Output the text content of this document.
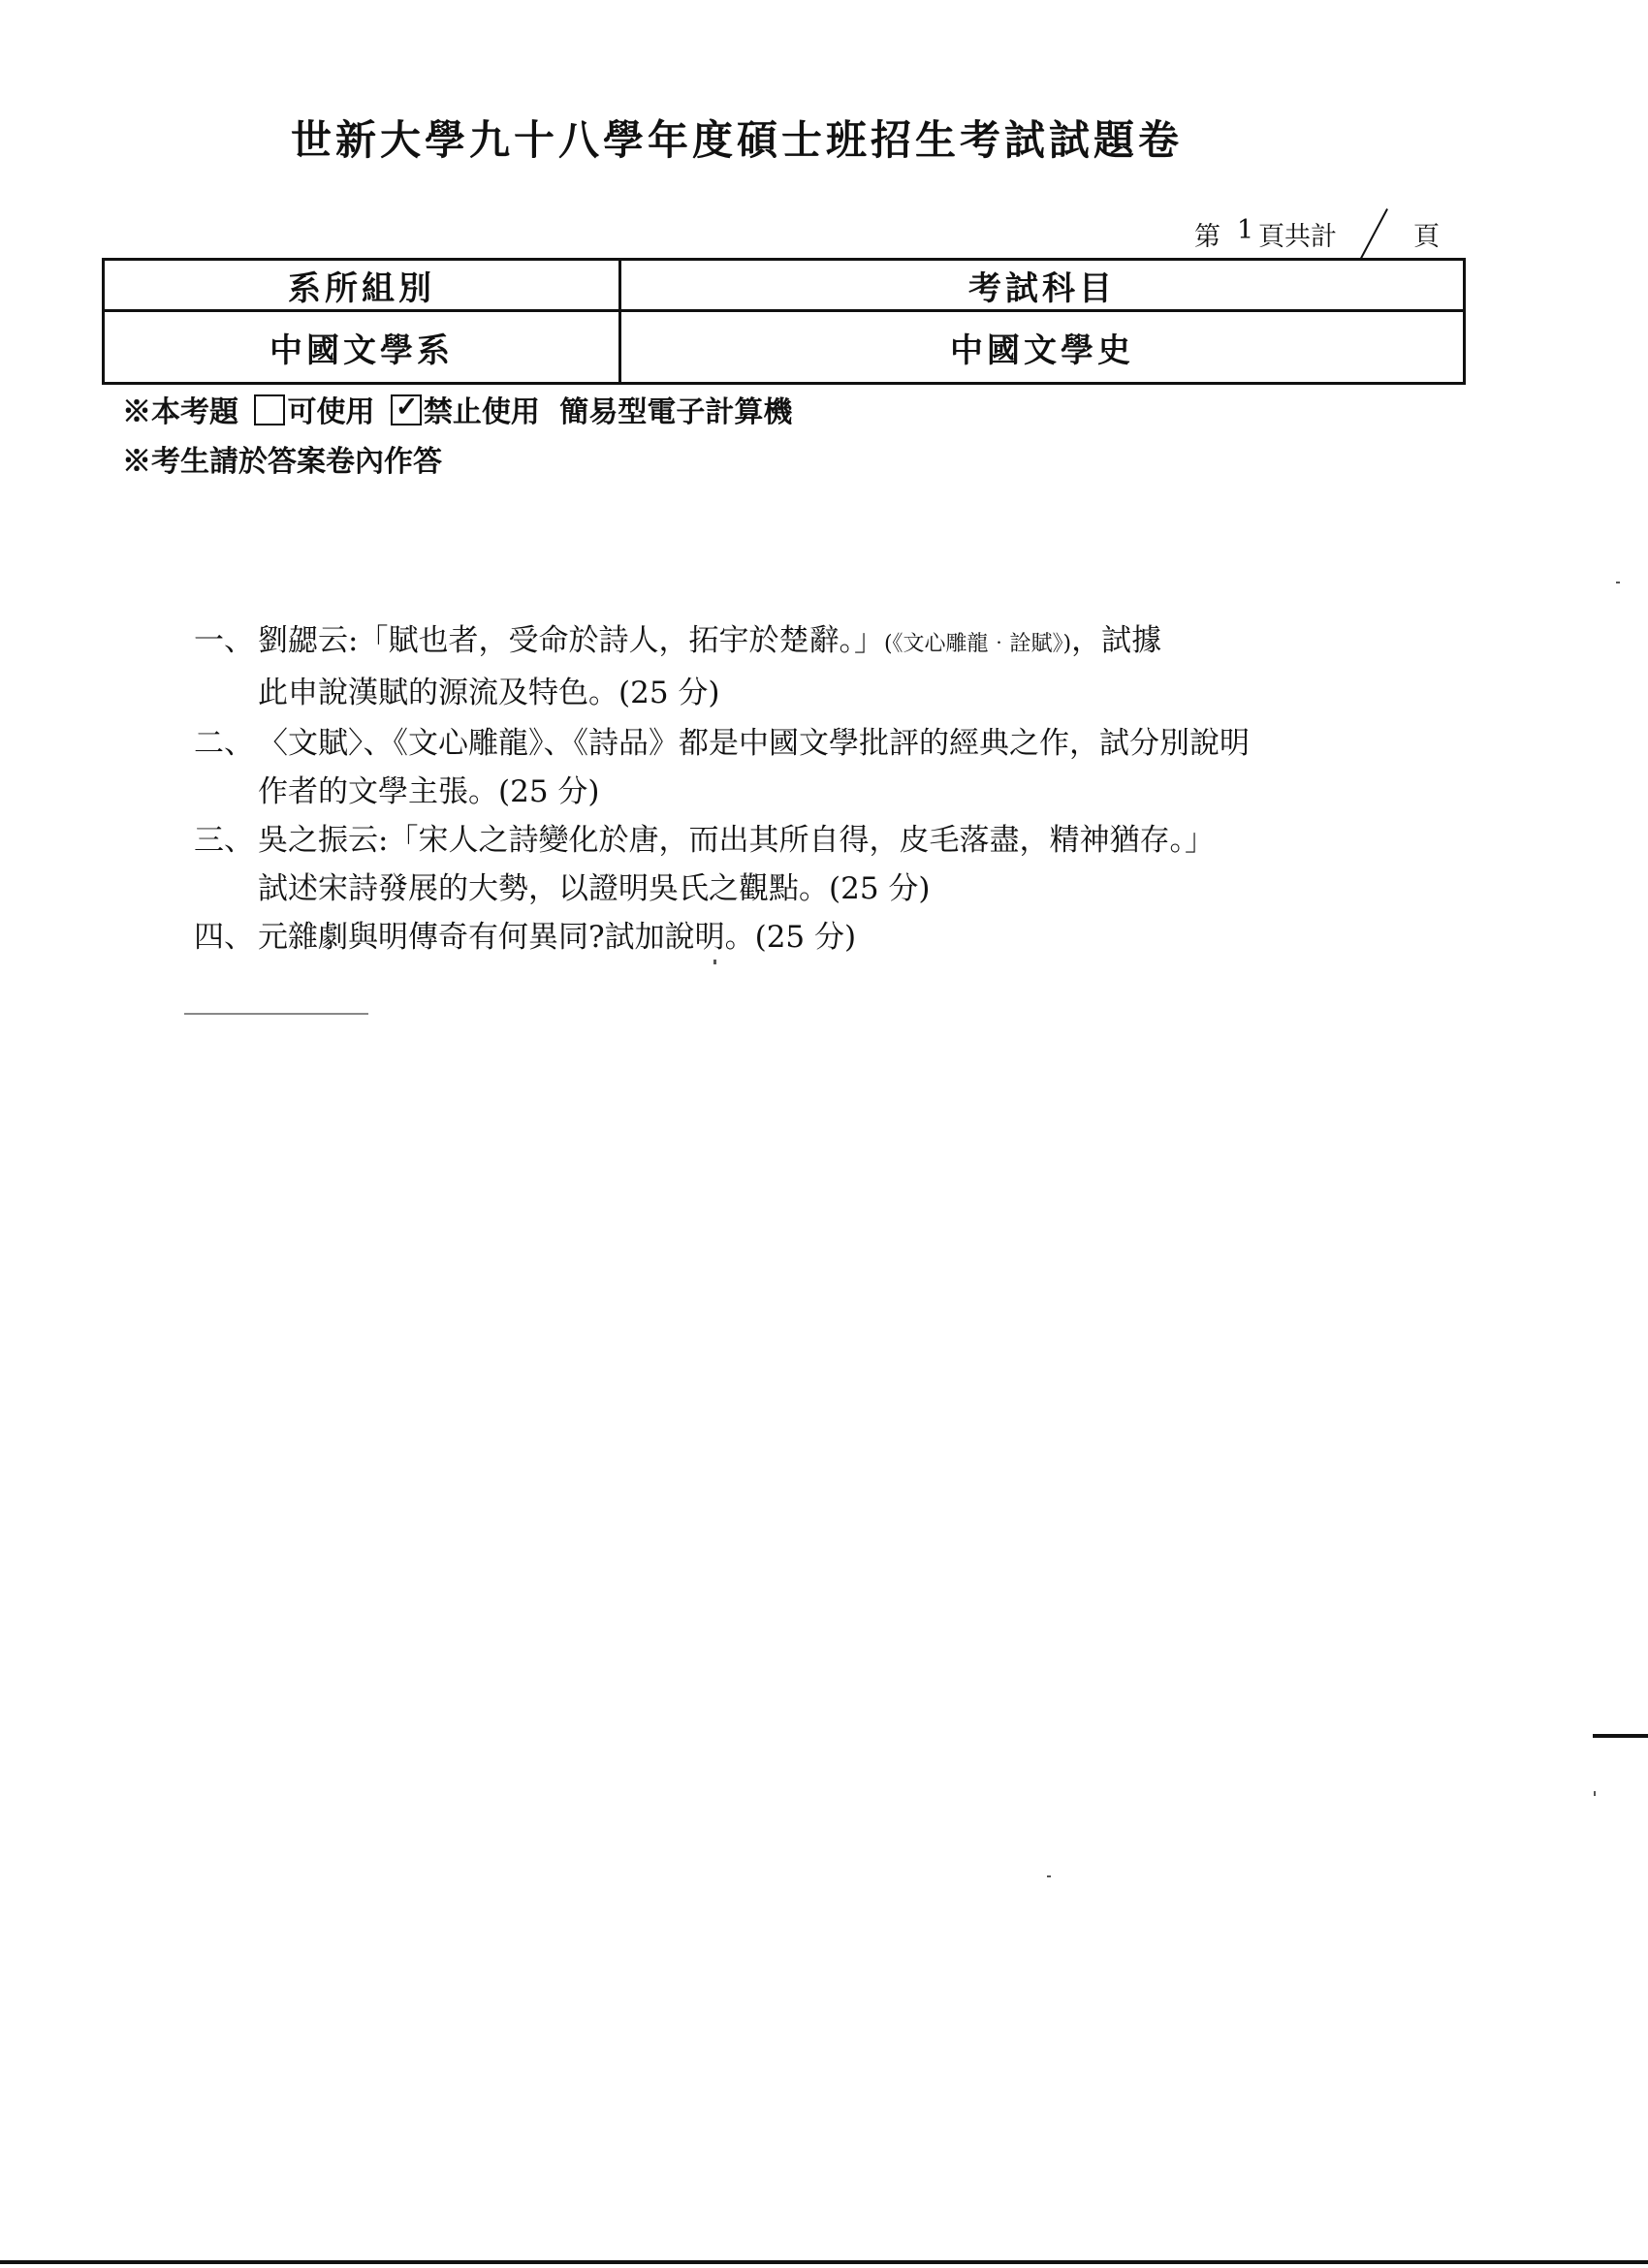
世新大學九十八學年度碩士班招生考試試題卷
第 1 頁共計	頁
系所組別	考試科目
中國文學系	中國文學史
※本考題 可使用 ✓ 禁止使用 簡易型電子計算機
※考生請於答案卷內作答
一、 劉勰云:「賦也者，受命於詩人，拓宇於楚辭。」(《文心雕龍‧詮賦》)，試據
此申說漢賦的源流及特色。(25 分)
二、 〈文賦〉、《文心雕龍》、《詩品》都是中國文學批評的經典之作，試分別說明
作者的文學主張。(25 分)
三、 吳之振云:「宋人之詩變化於唐，而出其所自得，皮毛落盡，精神猶存。」
試述宋詩發展的大勢，以證明吳氏之觀點。(25 分)
四、 元雜劇與明傳奇有何異同?試加說明。(25 分)
